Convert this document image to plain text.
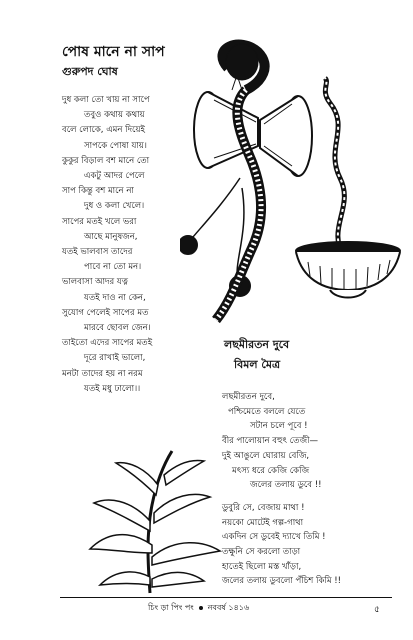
পোষ মানে না সাপ
গুরুপদ ঘোষ
দুধ কলা তো খায় না সাপে
তবুও কথায় কথায়
বলে লোকে, এমন দিয়েই
সাপকে পোষা যায়।
কুকুর বিড়াল বশ মানে তো
একটু আদর পেলে
সাপ কিন্তু বশ মানে না
দুধ ও কলা খেলে।
সাপের মতই খলে ভরা
আছে মানুষজন,
যতই ভালবাস তাদের
পাবে না তো মন।
ভালবাসা আদর যত্ন
যতই দাও না কেন,
সুযোগ পেলেই সাপের মত
মারবে ছোবল জেন।
তাইতো এদের সাপের মতই
দূরে রাখাই ভালো,
মনটা তাদের হয় না নরম
যতই মধু ঢালো।।
লছমীরতন দুবে
বিমল মৈত্র
লছমীরতন দুবে,
পশ্চিমেতে বললে যেতে
সটান চলে পূবে !
বীর পালোয়ান বহুৎ তেজী—
দুই আঙুলে ঘোরায় বেজি,
মৎস্য ধরে কেজি কেজি
জলের তলায় ডুবে !!
ডুবুরি সে, বেজায় মাথা !
নয়কো মোটেই গল্প-গাথা
একদিন সে ডুবেই দ্যাখে তিমি !
তক্ষুনি সে করলো তাড়া
হাতেই ছিলো মস্ত খাঁড়া,
জলের তলায় ডুবলো পঁচিশ কিমি !!
চিং ড়া পিং পং নববর্ষ ১৪১৬	৫
